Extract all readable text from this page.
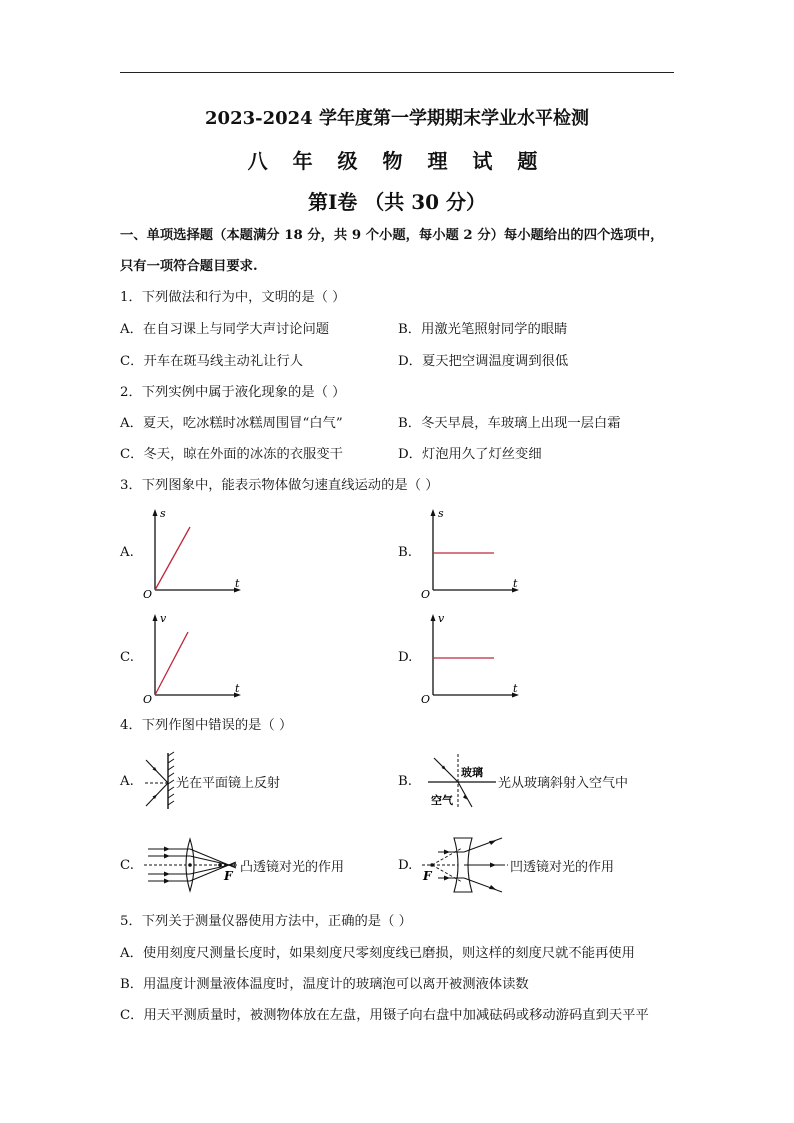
2023-2024 学年度第一学期期末学业水平检测
八 年 级 物 理 试 题
第Ⅰ卷 （共 30 分）
一、单项选择题（本题满分 18 分，共 9 个小题，每小题 2 分）每小题给出的四个选项中，
只有一项符合题目要求.
1．下列做法和行为中，文明的是（ ）
A．在自习课上与同学大声讨论问题	B．用激光笔照射同学的眼睛
C．开车在斑马线主动礼让行人	D．夏天把空调温度调到很低
2．下列实例中属于液化现象的是（ ）
A．夏天，吃冰糕时冰糕周围冒“白气”	B．冬天早晨，车玻璃上出现一层白霜
C．冬天，晾在外面的冰冻的衣服变干	D．灯泡用久了灯丝变细
3．下列图象中，能表示物体做匀速直线运动的是（ ）
A.
s
t
O
B.
s
t
O
C.
v
t
O
D.
v
t
O
4．下列作图中错误的是（ ）
A.	光在平面镜上反射	B.
玻璃
空气
光从玻璃斜射入空气中
C.
F
凸透镜对光的作用	D.
F
凹透镜对光的作用
5．下列关于测量仪器使用方法中，正确的是（ ）
A．使用刻度尺测量长度时，如果刻度尺零刻度线已磨损，则这样的刻度尺就不能再使用
B．用温度计测量液体温度时，温度计的玻璃泡可以离开被测液体读数
C．用天平测质量时，被测物体放在左盘，用镊子向右盘中加减砝码或移动游码直到天平平
